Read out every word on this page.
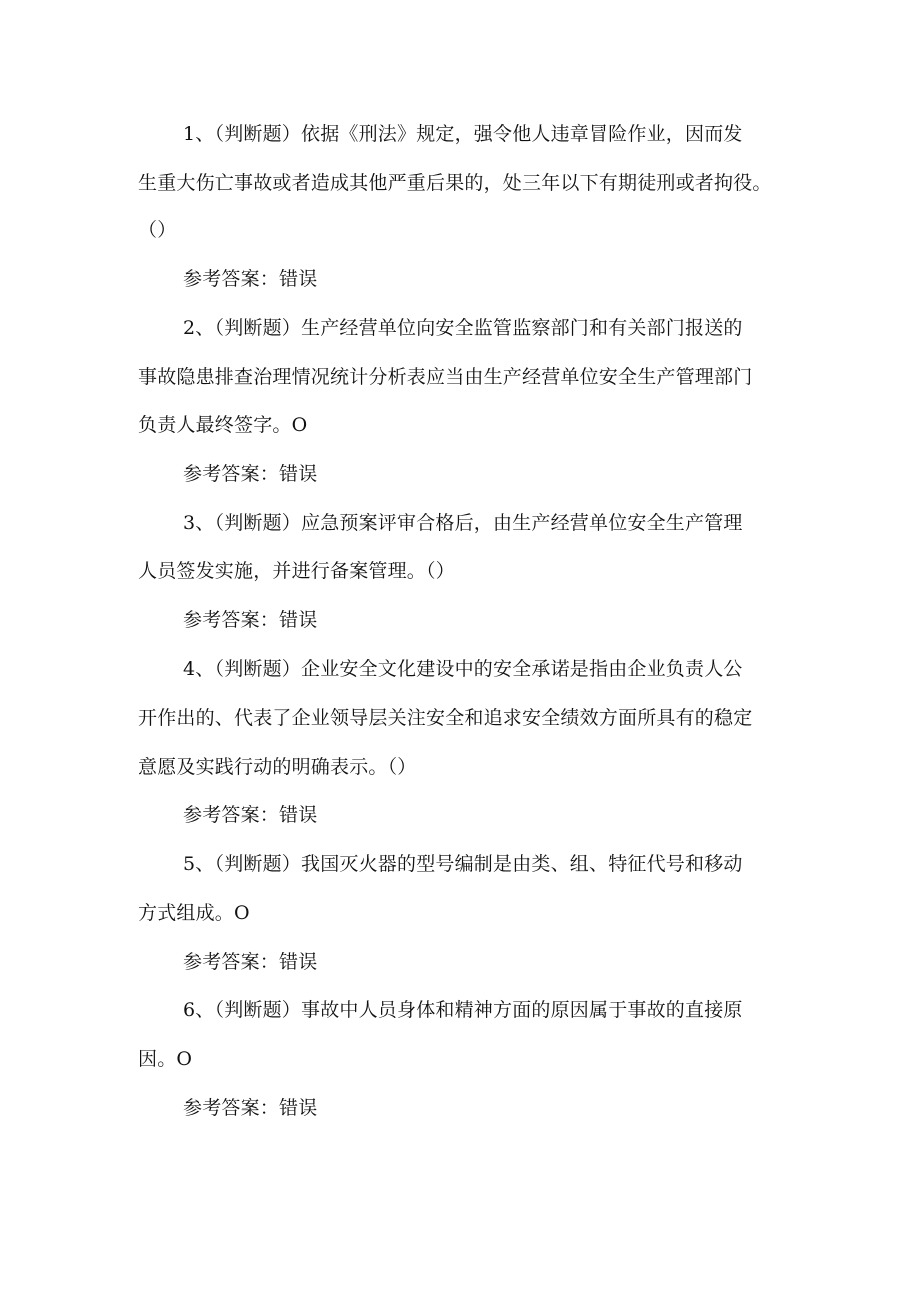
1、（判断题）依据《刑法》规定，强令他人违章冒险作业，因而发
生重大伤亡事故或者造成其他严重后果的，处三年以下有期徒刑或者拘役。
（）
参考答案：错误
2、（判断题）生产经营单位向安全监管监察部门和有关部门报送的
事故隐患排查治理情况统计分析表应当由生产经营单位安全生产管理部门
负责人最终签字。O
参考答案：错误
3、（判断题）应急预案评审合格后，由生产经营单位安全生产管理
人员签发实施，并进行备案管理。（）
参考答案：错误
4、（判断题）企业安全文化建设中的安全承诺是指由企业负责人公
开作出的、代表了企业领导层关注安全和追求安全绩效方面所具有的稳定
意愿及实践行动的明确表示。（）
参考答案：错误
5、（判断题）我国灭火器的型号编制是由类、组、特征代号和移动
方式组成。O
参考答案：错误
6、（判断题）事故中人员身体和精神方面的原因属于事故的直接原
因。O
参考答案：错误
